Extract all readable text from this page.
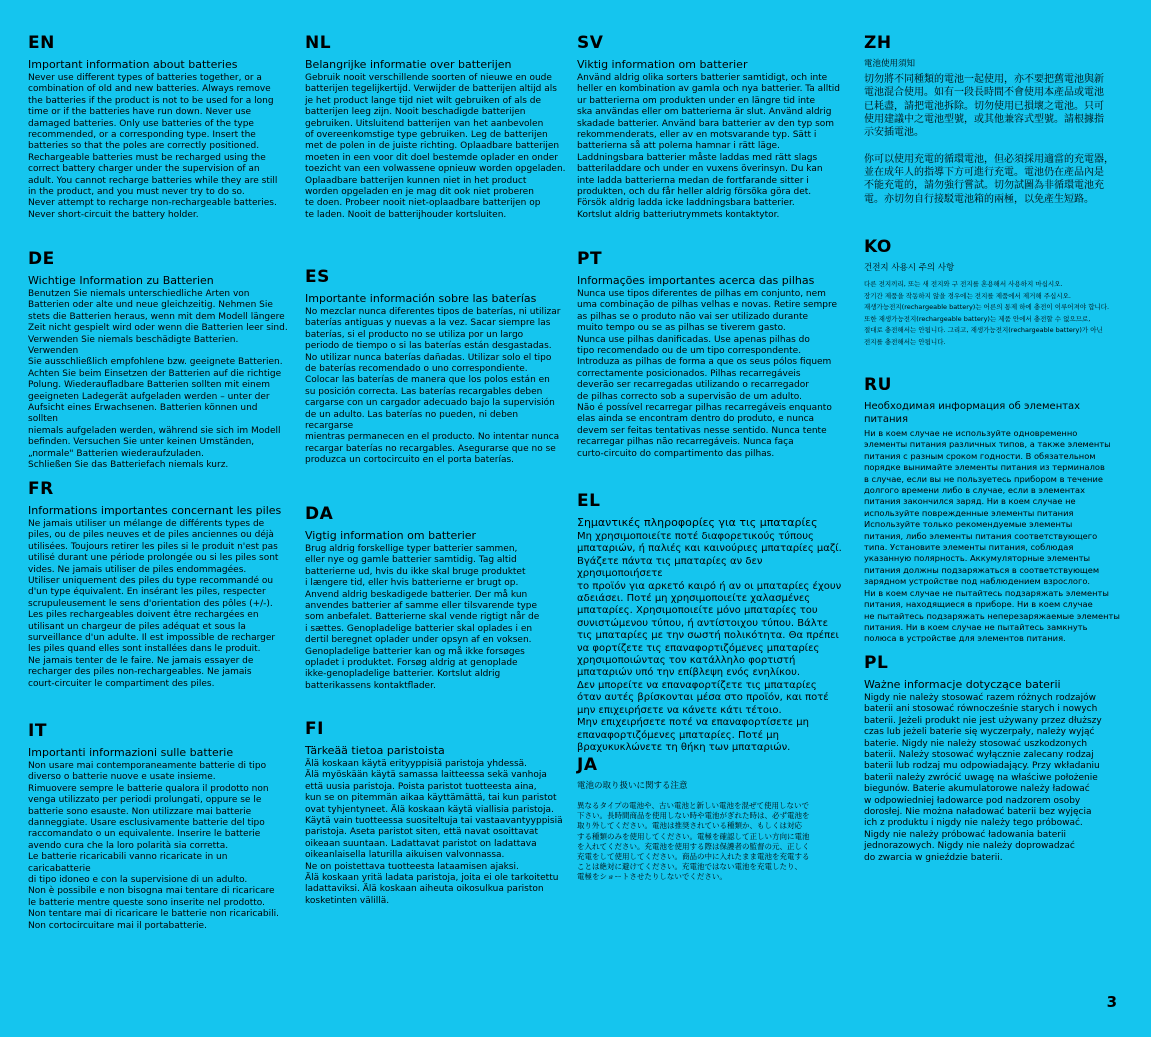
EN
Important information about batteries
Never use different types of batteries together, or a
combination of old and new batteries. Always remove
the batteries if the product is not to be used for a long
time or if the batteries have run down. Never use
damaged batteries. Only use batteries of the type
recommended, or a corresponding type. Insert the
batteries so that the poles are correctly positioned.
Rechargeable batteries must be recharged using the
correct battery charger under the supervision of an
adult. You cannot recharge batteries while they are still
in the product, and you must never try to do so.
Never attempt to recharge non-rechargeable batteries.
Never short-circuit the battery holder.
DE
Wichtige Information zu Batterien
Benutzen Sie niemals unterschiedliche Arten von
Batterien oder alte und neue gleichzeitig. Nehmen Sie
stets die Batterien heraus, wenn mit dem Modell längere
Zeit nicht gespielt wird oder wenn die Batterien leer sind.
Verwenden Sie niemals beschädigte Batterien. Verwenden
Sie ausschließlich empfohlene bzw. geeignete Batterien.
Achten Sie beim Einsetzen der Batterien auf die richtige
Polung. Wiederaufladbare Batterien sollten mit einem
geeigneten Ladegerät aufgeladen werden – unter der
Aufsicht eines Erwachsenen. Batterien können und sollten
niemals aufgeladen werden, während sie sich im Modell
befinden. Versuchen Sie unter keinen Umständen,
„normale" Batterien wiederaufzuladen.
Schließen Sie das Batteriefach niemals kurz.
FR
Informations importantes concernant les piles
Ne jamais utiliser un mélange de différents types de
piles, ou de piles neuves et de piles anciennes ou déjà
utilisées. Toujours retirer les piles si le produit n'est pas
utilisé durant une période prolongée ou si les piles sont
vides. Ne jamais utiliser de piles endommagées.
Utiliser uniquement des piles du type recommandé ou
d'un type équivalent. En insérant les piles, respecter
scrupuleusement le sens d'orientation des pôles (+/-).
Les piles rechargeables doivent être rechargées en
utilisant un chargeur de piles adéquat et sous la
surveillance d'un adulte. Il est impossible de recharger
les piles quand elles sont installées dans le produit.
Ne jamais tenter de le faire. Ne jamais essayer de
recharger des piles non-rechargeables. Ne jamais
court-circuiter le compartiment des piles.
IT
Importanti informazioni sulle batterie
Non usare mai contemporaneamente batterie di tipo
diverso o batterie nuove e usate insieme.
Rimuovere sempre le batterie qualora il prodotto non
venga utilizzato per periodi prolungati, oppure se le
batterie sono esauste. Non utilizzare mai batterie
danneggiate. Usare esclusivamente batterie del tipo
raccomandato o un equivalente. Inserire le batterie
avendo cura che la loro polarità sia corretta.
Le batterie ricaricabili vanno ricaricate in un caricabatterie
di tipo idoneo e con la supervisione di un adulto.
Non è possibile e non bisogna mai tentare di ricaricare
le batterie mentre queste sono inserite nel prodotto.
Non tentare mai di ricaricare le batterie non ricaricabili.
Non cortocircuitare mai il portabatterie.
NL
Belangrijke informatie over batterijen
Gebruik nooit verschillende soorten of nieuwe en oude
batterijen tegelijkertijd. Verwijder de batterijen altijd als
je het product lange tijd niet wilt gebruiken of als de
batterijen leeg zijn. Nooit beschadigde batterijen
gebruiken. Uitsluitend batterijen van het aanbevolen
of overeenkomstige type gebruiken. Leg de batterijen
met de polen in de juiste richting. Oplaadbare batterijen
moeten in een voor dit doel bestemde oplader en onder
toezicht van een volwassene opnieuw worden opgeladen.
Oplaadbare batterijen kunnen niet in het product
worden opgeladen en je mag dit ook niet proberen
te doen. Probeer nooit niet-oplaadbare batterijen op
te laden. Nooit de batterijhouder kortsluiten.
ES
Importante información sobre las baterías
No mezclar nunca diferentes tipos de baterías, ni utilizar
baterías antiguas y nuevas a la vez. Sacar siempre las
baterías, si el producto no se utiliza por un largo
periodo de tiempo o si las baterías están desgastadas.
No utilizar nunca baterías dañadas. Utilizar solo el tipo
de baterías recomendado o uno correspondiente.
Colocar las baterías de manera que los polos están en
su posición correcta. Las baterías recargables deben
cargarse con un cargador adecuado bajo la supervisión
de un adulto. Las baterías no pueden, ni deben recargarse
mientras permanecen en el producto. No intentar nunca
recargar baterías no recargables. Asegurarse que no se
produzca un cortocircuito en el porta baterías.
DA
Vigtig information om batterier
Brug aldrig forskellige typer batterier sammen,
eller nye og gamle batterier samtidig. Tag altid
batterierne ud, hvis du ikke skal bruge produktet
i længere tid, eller hvis batterierne er brugt op.
Anvend aldrig beskadigede batterier. Der må kun
anvendes batterier af samme eller tilsvarende type
som anbefalet. Batterierne skal vende rigtigt når de
i sættes. Genopladelige batterier skal oplades i en
dertil beregnet oplader under opsyn af en voksen.
Genopladelige batterier kan og må ikke forsøges
opladet i produktet. Forsøg aldrig at genoplade
ikke-genopladelige batterier. Kortslut aldrig
batterikassens kontaktflader.
FI
Tärkeää tietoa paristoista
Älä koskaan käytä erityyppisiä paristoja yhdessä.
Älä myöskään käytä samassa laitteessa sekä vanhoja
että uusia paristoja. Poista paristot tuotteesta aina,
kun se on pitemmän aikaa käyttämättä, tai kun paristot
ovat tyhjentyneet. Älä koskaan käytä viallisia paristoja.
Käytä vain tuotteessa suositeltuja tai vastaavantyyppisiä
paristoja. Aseta paristot siten, että navat osoittavat
oikeaan suuntaan. Ladattavat paristot on ladattava
oikeanlaisella laturilla aikuisen valvonnassa.
Ne on poistettava tuotteesta lataamisen ajaksi.
Älä koskaan yritä ladata paristoja, joita ei ole tarkoitettu
ladattaviksi. Älä koskaan aiheuta oikosulkua pariston
kosketinten välillä.
SV
Viktig information om batterier
Använd aldrig olika sorters batterier samtidigt, och inte
heller en kombination av gamla och nya batterier. Ta alltid
ur batterierna om produkten under en längre tid inte
ska användas eller om batterierna är slut. Använd aldrig
skadade batterier. Använd bara batterier av den typ som
rekommenderats, eller av en motsvarande typ. Sätt i
batterierna så att polerna hamnar i rätt läge.
Laddningsbara batterier måste laddas med rätt slags
batteriladdare och under en vuxens överinsyn. Du kan
inte ladda batterierna medan de fortfarande sitter i
produkten, och du får heller aldrig försöka göra det.
Försök aldrig ladda icke laddningsbara batterier.
Kortslut aldrig batteriutrymmets kontaktytor.
PT
Informações importantes acerca das pilhas
Nunca use tipos diferentes de pilhas em conjunto, nem
uma combinação de pilhas velhas e novas. Retire sempre
as pilhas se o produto não vai ser utilizado durante
muito tempo ou se as pilhas se tiverem gasto.
Nunca use pilhas danificadas. Use apenas pilhas do
tipo recomendado ou de um tipo correspondente.
Introduza as pilhas de forma a que os seus pólos fiquem
correctamente posicionados. Pilhas recarregáveis
deverão ser recarregadas utilizando o recarregador
de pilhas correcto sob a supervisão de um adulto.
Não é possível recarregar pilhas recarregáveis enquanto
elas ainda se encontram dentro do produto, e nunca
devem ser feitas tentativas nesse sentido. Nunca tente
recarregar pilhas não recarregáveis. Nunca faça
curto-circuito do compartimento das pilhas.
EL
Σημαντικές πληροφορίες για τις μπαταρίες
Μη χρησιμοποιείτε ποτέ διαφορετικούς τύπους
μπαταριών, ή παλιές και καινούριες μπαταρίες μαζί.
Βγάζετε πάντα τις μπαταρίες αν δεν χρησιμοποιήσετε
το προϊόν για αρκετό καιρό ή αν οι μπαταρίες έχουν
αδειάσει. Ποτέ μη χρησιμοποιείτε χαλασμένες
μπαταρίες. Χρησιμοποιείτε μόνο μπαταρίες του
συνιστώμενου τύπου, ή αντίστοιχου τύπου. Βάλτε
τις μπαταρίες με την σωστή πολικότητα. Θα πρέπει
να φορτίζετε τις επαναφορτιζόμενες μπαταρίες
χρησιμοποιώντας τον κατάλληλο φορτιστή
μπαταριών υπό την επίβλεψη ενός ενηλίκου.
Δεν μπορείτε να επαναφορτίζετε τις μπαταρίες
όταν αυτές βρίσκονται μέσα στο προϊόν, και ποτέ
μην επιχειρήσετε να κάνετε κάτι τέτοιο.
Μην επιχειρήσετε ποτέ να επαναφορτίσετε μη
επαναφορτιζόμενες μπαταρίες. Ποτέ μη
βραχυκυκλώνετε τη θήκη των μπαταριών.
JA
電池の取り扱いに関する注意
異なるタイプの電池や、古い電池と新しい電池を混ぜて使用しないで
下さい。長時間商品を使用しない時や電池がぎれた時は、必ず電池を
取り外してください。電池は推奨されている種類か、もしくは対応
する種類のみを使用してください。電極を確認して正しい方向に電池
を入れてください。充電池を使用する際は保護者の監督の元、正しく
充電をして使用してください。商品の中に入れたまま電池を充電する
ことは絶対に避けてください。充電池ではない電池を充電したり、
電極をショートさせたりしないでください。
ZH
電池使用須知
切勿將不同種類的電池一起使用，亦不要把舊電池與新
電池混合使用。如有一段長時間不會使用本產品或電池
已耗盡，請把電池拆除。切勿使用已損壞之電池。只可
使用建議中之電池型號，或其他兼容式型號。請根據指
示安插電池。

你可以使用充電的循環電池，但必須採用適當的充電器，
並在成年人的指導下方可進行充電。電池仍在產品內是
不能充電的，請勿強行嘗試。切勿試圖為非循環電池充
電。亦切勿自行接駁電池箱的兩極，以免產生短路。
KO
건전지 사용시 주의 사항
다른 전지끼리, 또는 새 전지와 구 전지를 혼용해서 사용하지 마십시오.
장기간 제품을 작동하지 않을 경우에는 전지를 제품에서 제거해 주십시오.
재생가능전지(rechargeable battery)는 어른의 통제 하에 충전이 이루어져야 합니다.
또한 재생가능전지(rechargeable battery)는 제품 안에서 충전할 수 없으므로,
절대로 충전해서는 안됩니다. 그리고, 재생가능전지(rechargeable battery)가 아닌
전지를 충전해서는 안됩니다.
RU
Необходимая информация об элементах питания
Ни в коем случае не используйте одновременно
элементы питания различных типов, а также элементы
питания с разным сроком годности. В обязательном
порядке вынимайте элементы питания из терминалов
в случае, если вы не пользуетесь прибором в течение
долгого времени либо в случае, если в элементах
питания закончился заряд. Ни в коем случае не
используйте поврежденные элементы питания
Используйте только рекомендуемые элементы
питания, либо элементы питания соответствующего
типа. Установите элементы питания, соблюдая
указанную полярность. Аккумуляторные элементы
питания должны подзаряжаться в соответствующем
зарядном устройстве под наблюдением взрослого.
Ни в коем случае не пытайтесь подзаряжать элементы
питания, находящиеся в приборе. Ни в коем случае
не пытайтесь подзаряжать неперезаряжаемые элементы
питания. Ни в коем случае не пытайтесь замкнуть
полюса в устройстве для элементов питания.
PL
Ważne informacje dotyczące baterii
Nigdy nie należy stosować razem różnych rodzajów
baterii ani stosować równocześnie starych i nowych
baterii. Jeżeli produkt nie jest używany przez dłuższy
czas lub jeżeli baterie się wyczerpały, należy wyjąć
baterie. Nigdy nie należy stosować uszkodzonych
baterii. Należy stosować wyłącznie zalecany rodzaj
baterii lub rodzaj mu odpowiadający. Przy wkładaniu
baterii należy zwrócić uwagę na właściwe położenie
biegunów. Baterie akumulatorowe należy ładować
w odpowiedniej ładowarce pod nadzorem osoby
dorosłej. Nie można naładować baterii bez wyjęcia
ich z produktu i nigdy nie należy tego próbować.
Nigdy nie należy próbować ładowania baterii
jednorazowych. Nigdy nie należy doprowadzać
do zwarcia w gnieździe baterii.
3
